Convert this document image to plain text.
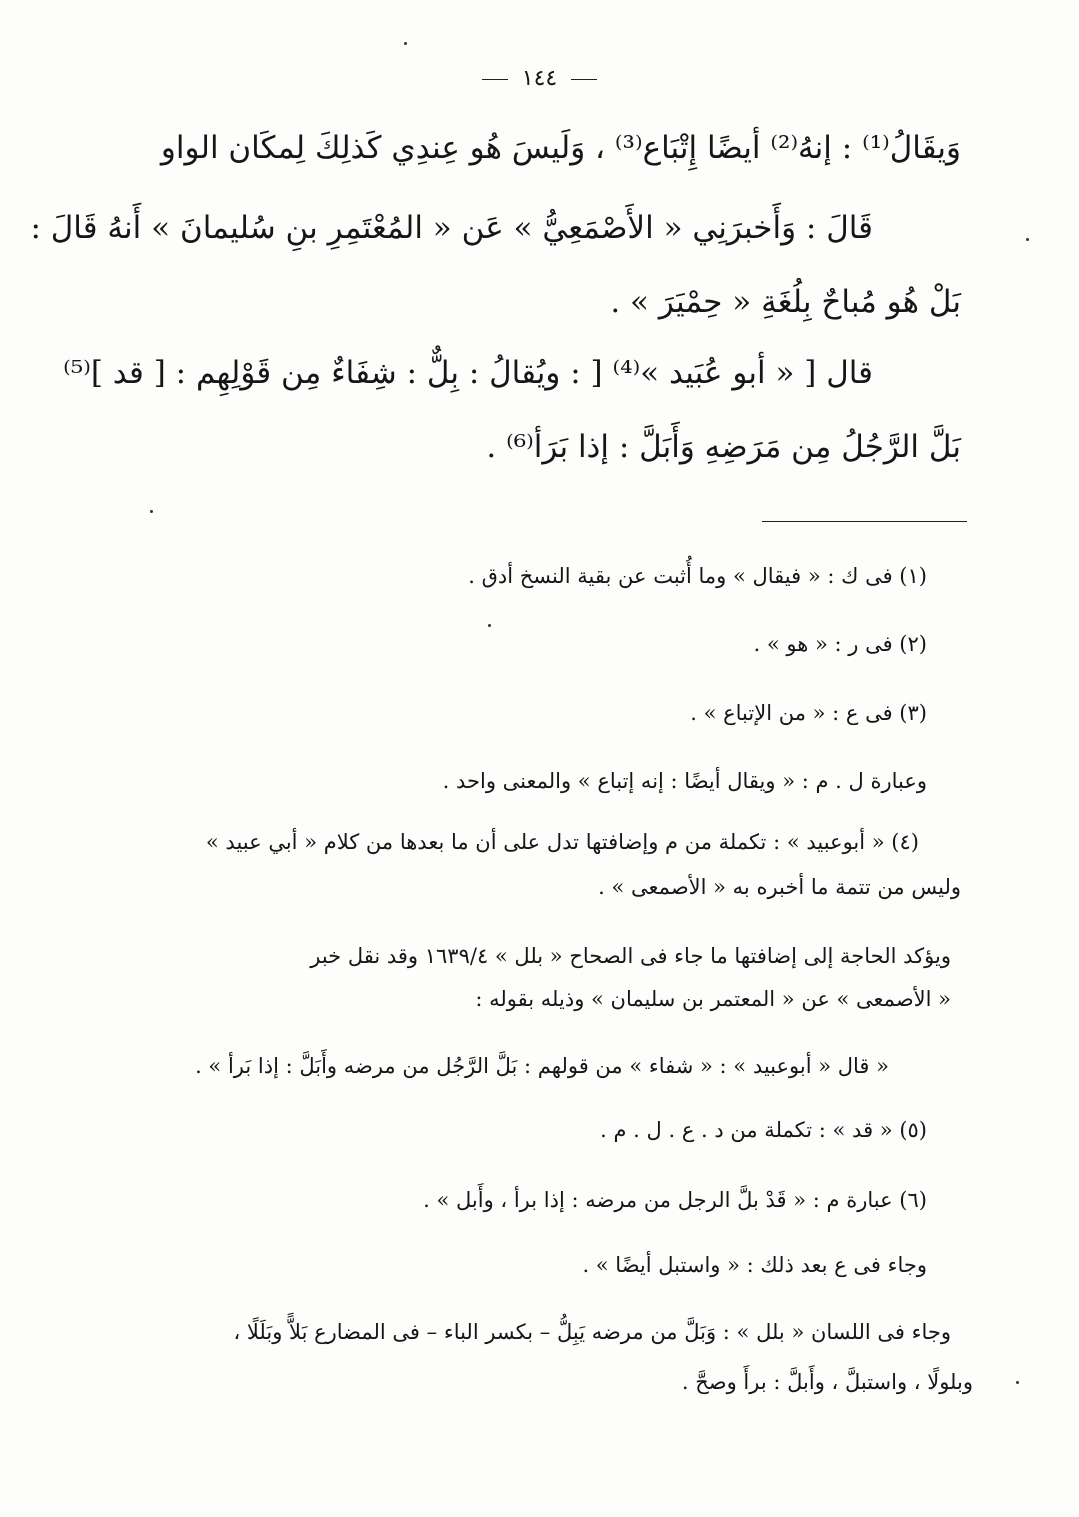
١٤٤
وَيقَالُ⁽¹⁾ : إنهُ⁽²⁾ أيضًا إِتْبَاع⁽³⁾ ، وَلَيسَ هُو عِندِي كَذلِكَ لِمكَان الواو
قَالَ : وَأَخبرَنِي « الأَصْمَعِيُّ » عَن « المُعْتَمِرِ بنِ سُليمانَ » أَنهُ قَالَ :
بَلْ هُو مُباحٌ بِلُغَةِ « حِمْيَرَ » .
قال [ « أبو عُبَيد »⁽⁴⁾ [ : ويُقالُ : بِلٌّ : شِفَاءٌ مِن قَوْلِهِم : [ قد ]⁽⁵⁾
بَلَّ الرَّجُلُ مِن مَرَضِهِ وَأَبَلَّ : إذا بَرَأ⁽⁶⁾ .
(١) فى ك : « فيقال » وما أُثبت عن بقية النسخ أدق .
(٢) فى ر : « هو » .
(٣) فى ع : « من الإتباع » .
وعبارة ل . م : « ويقال أيضًا : إنه إتباع » والمعنى واحد .
(٤) « أبوعبيد » : تكملة من م وإضافتها تدل على أن ما بعدها من كلام « أبي عبيد »
وليس من تتمة ما أخبره به « الأصمعى » .
ويؤكد الحاجة إلى إضافتها ما جاء فى الصحاح « بلل » ١٦٣٩/٤ وقد نقل خبر
« الأصمعى » عن « المعتمر بن سليمان » وذيله بقوله :
« قال « أبوعبيد » : « شفاء » من قولهم : بَلَّ الرَّجُل من مرضه وأَبَلَّ : إذا بَرأ » .
(٥) « قد » : تكملة من د . ع . ل . م .
(٦) عبارة م : « قَدْ بلَّ الرجل من مرضه : إذا برأ ، وأَبل » .
وجاء فى ع بعد ذلك : « واستبل أيضًا » .
وجاء فى اللسان « بلل » : وَبَلَّ من مرضه يَبِلُّ – بكسر الباء – فى المضارع بَلاًّ وبَلَلًا ،
وبلولًا ، واستبلَّ ، وأَبلَّ : برأَ وصحَّ .
